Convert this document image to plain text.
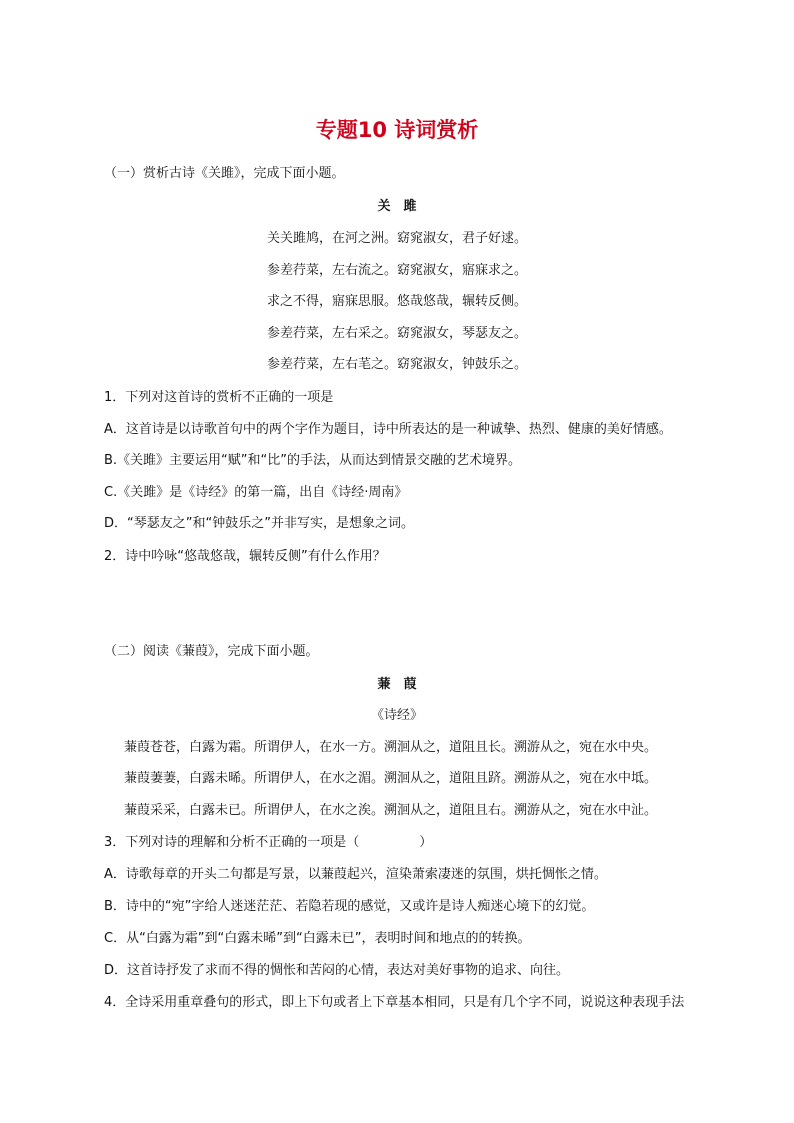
专题10 诗词赏析
（一）赏析古诗《关雎》，完成下面小题。
关　雎
关关雎鸠，在河之洲。窈窕淑女，君子好逑。
参差荇菜，左右流之。窈窕淑女，寤寐求之。
求之不得，寤寐思服。悠哉悠哉，辗转反侧。
参差荇菜，左右采之。窈窕淑女，琴瑟友之。
参差荇菜，左右芼之。窈窕淑女，钟鼓乐之。
1．下列对这首诗的赏析不正确的一项是
A．这首诗是以诗歌首句中的两个字作为题目，诗中所表达的是一种诚挚、热烈、健康的美好情感。
B.《关雎》主要运用“赋”和“比”的手法，从而达到情景交融的艺术境界。
C.《关雎》是《诗经》的第一篇，出自《诗经·周南》
D．“琴瑟友之”和“钟鼓乐之”并非写实，是想象之词。
2．诗中吟咏“悠哉悠哉，辗转反侧”有什么作用？
（二）阅读《蒹葭》，完成下面小题。
蒹　葭
《诗经》
蒹葭苍苍，白露为霜。所谓伊人，在水一方。溯洄从之，道阻且长。溯游从之，宛在水中央。
蒹葭萋萋，白露未晞。所谓伊人，在水之湄。溯洄从之，道阻且跻。溯游从之，宛在水中坻。
蒹葭采采，白露未已。所谓伊人，在水之涘。溯洄从之，道阻且右。溯游从之，宛在水中沚。
3．下列对诗的理解和分析不正确的一项是（	）
A．诗歌每章的开头二句都是写景，以蒹葭起兴，渲染萧索凄迷的氛围，烘托惆怅之情。
B．诗中的“宛”字给人迷迷茫茫、若隐若现的感觉，又或许是诗人痴迷心境下的幻觉。
C．从“白露为霜”到“白露未晞”到“白露未已”，表明时间和地点的的转换。
D．这首诗抒发了求而不得的惆怅和苦闷的心情，表达对美好事物的追求、向往。
4．全诗采用重章叠句的形式，即上下句或者上下章基本相同，只是有几个字不同，说说这种表现手法
